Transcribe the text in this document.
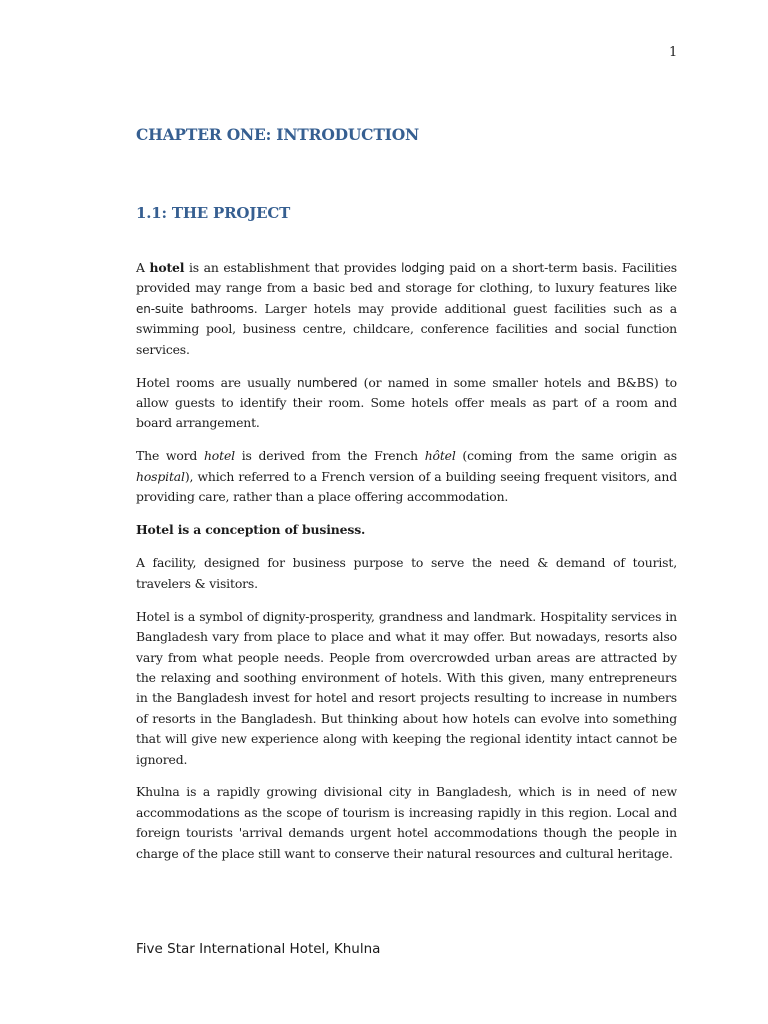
1
CHAPTER ONE: INTRODUCTION
1.1: THE PROJECT

A hotel is an establishment that provides lodging paid on a short-term basis. Facilities provided may range from a basic bed and storage for clothing, to luxury features like en-suite bathrooms. Larger hotels may provide additional guest facilities such as a swimming pool, business centre, childcare, conference facilities and social function services.

Hotel rooms are usually numbered (or named in some smaller hotels and B&BS) to allow guests to identify their room. Some hotels offer meals as part of a room and board arrangement.

The word hotel is derived from the French hôtel (coming from the same origin as hospital), which referred to a French version of a building seeing frequent visitors, and providing care, rather than a place offering accommodation.

Hotel is a conception of business.

A facility, designed for business purpose to serve the need & demand of tourist, travelers & visitors.

Hotel is a symbol of dignity-prosperity, grandness and landmark. Hospitality services in Bangladesh vary from place to place and what it may offer. But nowadays, resorts also vary from what people needs. People from overcrowded urban areas are attracted by the relaxing and soothing environment of hotels. With this given, many entrepreneurs in the Bangladesh invest for hotel and resort projects resulting to increase in numbers of resorts in the Bangladesh. But thinking about how hotels can evolve into something that will give new experience along with keeping the regional identity intact cannot be ignored.

Khulna is a rapidly growing divisional city in Bangladesh, which is in need of new accommodations as the scope of tourism is increasing rapidly in this region. Local and foreign tourists 'arrival demands urgent hotel accommodations though the people in charge of the place still want to conserve their natural resources and cultural heritage.

Five Star International Hotel, Khulna
